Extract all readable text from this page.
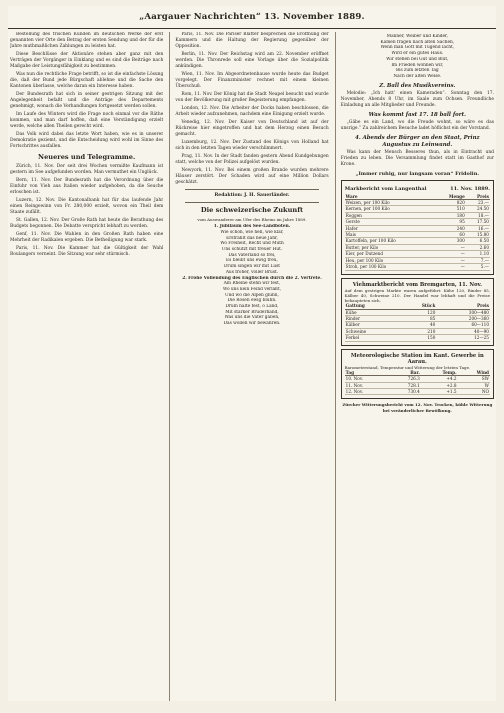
„Aargauer Nachrichten“ 13. November 1889.

Bestellung des frischen Kunden im deutschen Werke der erst genannten vier Orte den Betrag der ersten Sendung und der für die Jahre muthmaßlichen Zahlungen zu leisten hat.

Diese Beschlüsse der Aktionäre stehen aber ganz mit den Verträgen der Vorgänger in Einklang und es sind die Beiträge nach Maßgabe der Leistungsfähigkeit zu bestimmen.

Was nun die rechtliche Frage betrifft, so ist die einfachste Lösung die, daß der Bund jede Bürgschaft ablehne und die Sache den Kantonen überlasse, welche daran ein Interesse haben.

Der Bundesrath hat sich in seiner gestrigen Sitzung mit der Angelegenheit befaßt und die Anträge des Departements genehmigt, wonach die Verhandlungen fortgesetzt werden sollen.

Im Laufe des Winters wird die Frage noch einmal vor die Räthe kommen, und man darf hoffen, daß eine Verständigung erzielt werde, welche allen Theilen gerecht wird.

Das Volk wird dabei das letzte Wort haben, wie es in unserer Demokratie geziemt, und die Entscheidung wird wohl im Sinne des Fortschrittes ausfallen.

Neueres und Telegramme.

Zürich, 11. Nov. Der seit drei Wochen vermißte Kaufmann ist gestern im See aufgefunden worden. Man vermuthet ein Unglück.

Bern, 11. Nov. Der Bundesrath hat die Verordnung über die Einfuhr von Vieh aus Italien wieder aufgehoben, da die Seuche erloschen ist.

Luzern, 12. Nov. Die Kantonalbank hat für das laufende Jahr einen Reingewinn von Fr. 280,000 erzielt, wovon ein Theil dem Staate zufällt.

St. Gallen, 12. Nov. Der Große Rath hat heute die Berathung des Budgets begonnen. Die Debatte verspricht lebhaft zu werden.

Genf, 11. Nov. Die Wahlen in den Großen Rath haben eine Mehrheit der Radikalen ergeben. Die Betheiligung war stark.

Paris, 11. Nov. Die Kammer hat die Gültigkeit der Wahl Boulangers verneint. Die Sitzung war sehr stürmisch.

Paris, 11. Nov. Die Pariser Blätter besprechen die Eröffnung der Kammern und die Haltung der Regierung gegenüber der Opposition.

Berlin, 11. Nov. Der Reichstag wird am 22. November eröffnet werden. Die Thronrede soll eine Vorlage über die Sozialpolitik ankündigen.

Wien, 11. Nov. Im Abgeordnetenhause wurde heute das Budget vorgelegt. Der Finanzminister rechnet mit einem kleinen Überschuß.

Rom, 11. Nov. Der König hat die Stadt Neapel besucht und wurde von der Bevölkerung mit großer Begeisterung empfangen.

London, 12. Nov. Die Arbeiter der Docks haben beschlossen, die Arbeit wieder aufzunehmen, nachdem eine Einigung erzielt wurde.

Venedig, 12. Nov. Der Kaiser von Deutschland ist auf der Rückreise hier eingetroffen und hat dem Herzog einen Besuch gemacht.

Luxemburg, 12. Nov. Der Zustand des Königs von Holland hat sich in den letzten Tagen wieder verschlimmert.

Prag, 11. Nov. In der Stadt fanden gestern Abend Kundgebungen statt, welche von der Polizei aufgelöst wurden.

Newyork, 11. Nov. Bei einem großen Brande wurden mehrere Häuser zerstört. Der Schaden wird auf eine Million Dollars geschätzt.

Redaktion: J. H. Sauerländer.
Die schweizerische Zukunft
vom Auswanderer am Ufer des Rheins im Jahre 1889.
1. Jubiläum des See-Landboten.
Wie schön, wie hell, wie klar,
Erstrahlt das neue Jahr,
Wo Freiheit, Recht und Muth
Uns schützt mit treuer Hut.
Das Vaterland so frei,
Es bleibt uns ewig treu,
Drum singen wir mit Lust
Aus froher, voller Brust.
2. Frohe Vollendung des Englischen durch die 2. Vertrete.
Am Rheine stehn wir fest,
Wo uns kein Feind verläßt,
Und wo die Alpen glühn,
Die Rosen ewig blühn.
Drum halte fest, o Land,
Mit starker Bruderhand,
Was uns die Väter gaben,
Das wollen wir bewahren.
Männer, Weiber und Kinder,
Kamen fragen nach alten Sachen,
Wenn man Gott mit Tugend lacht,
Wird er ein gutes Haus.
Wir stehen bei Gut und Blut,
Im Frieden wohnen wir,
Bis zum letzten Tag
Nach der alten Weise.
Z. Ball des Musikvereins.

Melodie: „Ich hatt' einen Kameraden“. Sonntag den 17. November, Abends 8 Uhr, im Saale zum Ochsen. Freundliche Einladung an alle Mitglieder und Freunde.

Was kommt fast 17. 18 ball fort.

„Gäbe es ein Land, wo die Freude wohnt, so wäre es das unsrige.“ Zu zahlreichem Besuche ladet höflichst ein der Vorstand.

4. Abends der Bürger an den Staat, Prinz Augustus zu Leinwand.

Was kann der Mensch Besseres thun, als in Eintracht und Frieden zu leben. Die Versammlung findet statt im Gasthof zur Krone.

„Immer ruhig, nur langsam voran“ Fridolin.
Markbericht vom Langenthal	11. Nov. 1889.
Ware	Menge	Preis
Weizen, per 100 Kilo	820	23.—
Kernen, per 100 Kilo	510	24.50
Roggen	180	18.—
Gerste	95	17.50
Hafer	240	16.—
Mais	60	15.80
Kartoffeln, per 100 Kilo	300	6.50
Butter, per Kilo	—	2.60
Eier, per Dutzend	—	1.10
Heu, per 100 Kilo	—	7.—
Stroh, per 100 Kilo	—	5.—
Viehmarktbericht vom Bremgarten, 11. Nov.
Auf dem gestrigen Markte waren aufgeführt: Kühe 120, Rinder 85, Kälber 40, Schweine 210. Der Handel war lebhaft und die Preise behaupteten sich.
Gattung	Stück	Preis
Kühe	120	300—480
Rinder	85	200—360
Kälber	40	60—110
Schweine	210	40—90
Ferkel	150	12—25
Meteorologische Station im Kant. Gewerbe in Aarau.
Barometerstand, Temperatur und Witterung der letzten Tage.
Tag	Bar.	Temp.	Wind
10. Nov.	726.3	+4.2	SW
11. Nov.	728.1	+2.8	W
12. Nov.	730.4	+1.5	NO
Zürcher Witterungsbericht vom 12. Nov. Trocken, kühle Witterung bei veränderlicher Bewölkung.
